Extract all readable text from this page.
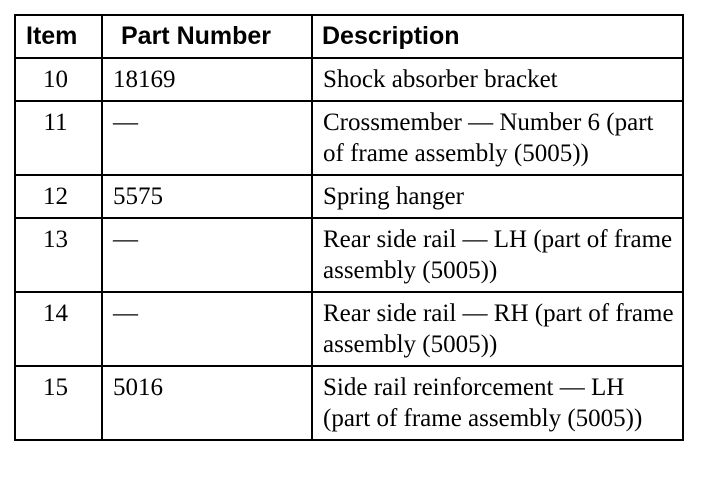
Item	Part Number	Description
10	18169	Shock absorber bracket
11	—	Crossmember — Number 6 (part of frame assembly (5005))
12	5575	Spring hanger
13	—	Rear side rail — LH (part of frame assembly (5005))
14	—	Rear side rail — RH (part of frame assembly (5005))
15	5016	Side rail reinforcement — LH (part of frame assembly (5005))
